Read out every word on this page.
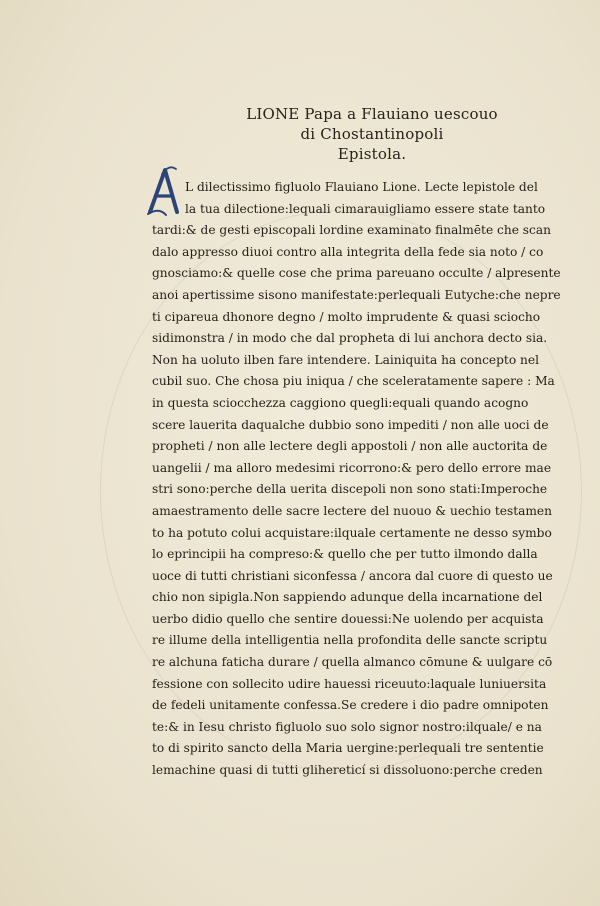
LIONE Papa a Flauiano uescouo
di Chostantinopoli
Epistola.
A
L dilectissimo figluolo Flauiano Lione. Lecte lepistole del
la tua dilectione:lequali cimarauigliamo essere state tanto
tardi:& de gesti episcopali lordine examinato finalmēte che scan
dalo appresso diuoi contro alla integrita della fede sia noto / co
gnosciamo:& quelle cose che prima pareuano occulte / alpresente
anoi apertissime sisono manifestate:perlequali Eutyche:che nepre
ti cipareua dhonore degno / molto imprudente & quasi sciocho
sidimonstra / in modo che dal propheta di lui anchora decto sia.
Non ha uoluto ilben fare intendere. Lainiquita ha concepto nel
cubil suo. Che chosa piu iniqua / che sceleratamente sapere : Ma
in questa sciocchezza caggiono quegli:equali quando acogno
scere lauerita daqualche dubbio sono impediti / non alle uoci de
propheti / non alle lectere degli appostoli / non alle auctorita de
uangelii / ma alloro medesimi ricorrono:& pero dello errore mae
stri sono:perche della uerita discepoli non sono stati:Imperoche
amaestramento delle sacre lectere del nuouo & uechio testamen
to ha potuto colui acquistare:ilquale certamente ne desso symbo
lo eprincipii ha compreso:& quello che per tutto ilmondo dalla
uoce di tutti christiani siconfessa / ancora dal cuore di questo ue
chio non sipigla.Non sappiendo adunque della incarnatione del
uerbo didio quello che sentire douessi:Ne uolendo per acquista
re illume della intelligentia nella profondita delle sancte scriptu
re alchuna faticha durare / quella almanco cōmune & uulgare cō
fessione con sollecito udire hauessi riceuuto:laquale luniuersita
de fedeli unitamente confessa.Se credere i dio padre omnipoten
te:& in Iesu christo figluolo suo solo signor nostro:ilquale/ e na
to di spirito sancto della Maria uergine:perlequali tre sententie
lemachine quasi di tutti glihereticí si dissoluono:perche creden
